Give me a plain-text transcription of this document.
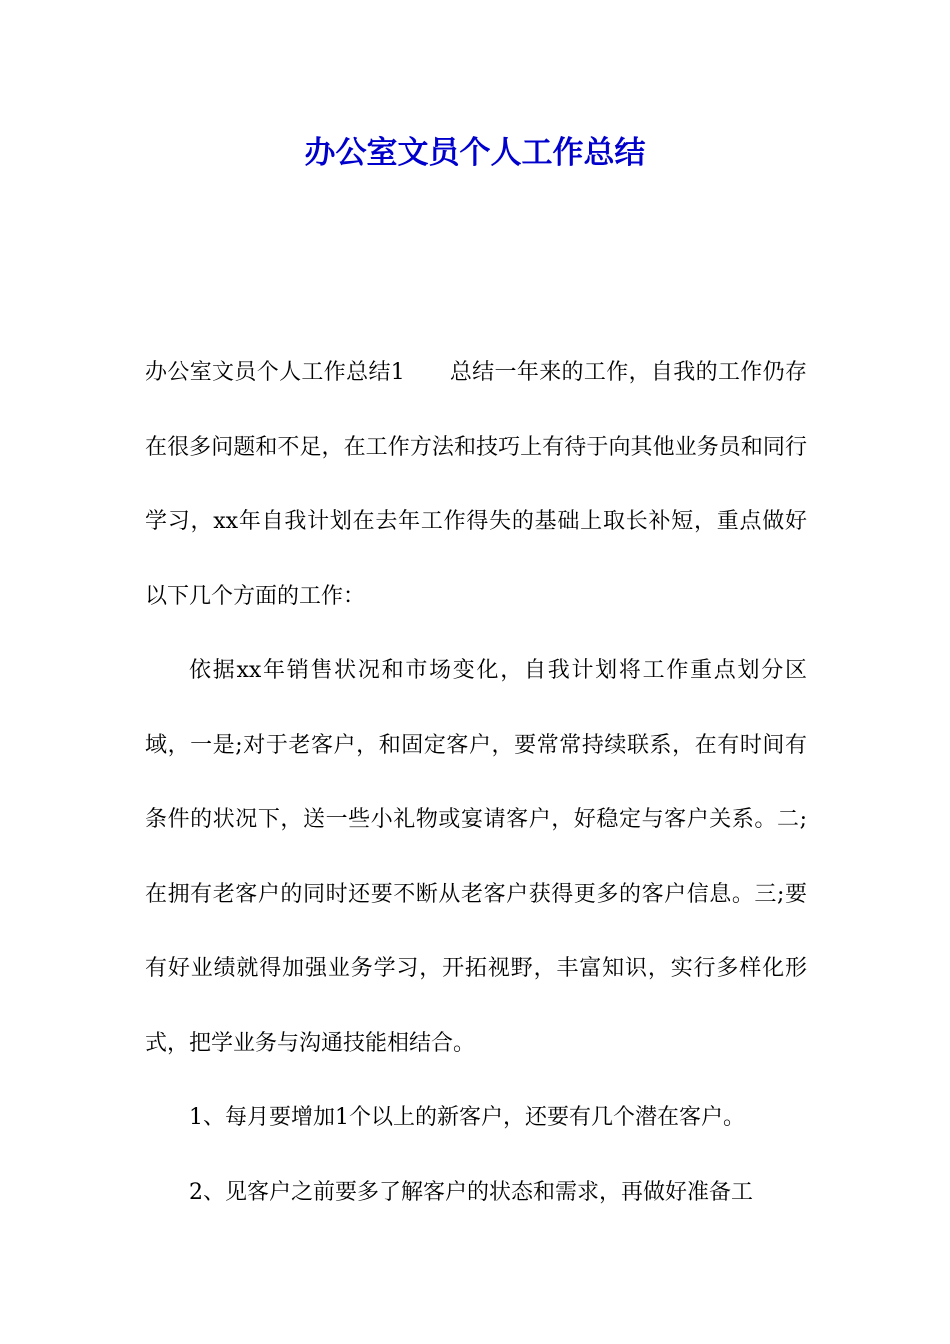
办公室文员个人工作总结

办公室文员个人工作总结1　　总结一年来的工作，自我的工作仍存在很多问题和不足，在工作方法和技巧上有待于向其他业务员和同行学习，xx年自我计划在去年工作得失的基础上取长补短，重点做好以下几个方面的工作：

依据xx年销售状况和市场变化，自我计划将工作重点划分区域，一是;对于老客户，和固定客户，要常常持续联系，在有时间有条件的状况下，送一些小礼物或宴请客户，好稳定与客户关系。二;在拥有老客户的同时还要不断从老客户获得更多的客户信息。三;要有好业绩就得加强业务学习，开拓视野，丰富知识，实行多样化形式，把学业务与沟通技能相结合。

1、每月要增加1个以上的新客户，还要有几个潜在客户。

2、见客户之前要多了解客户的状态和需求，再做好准备工
